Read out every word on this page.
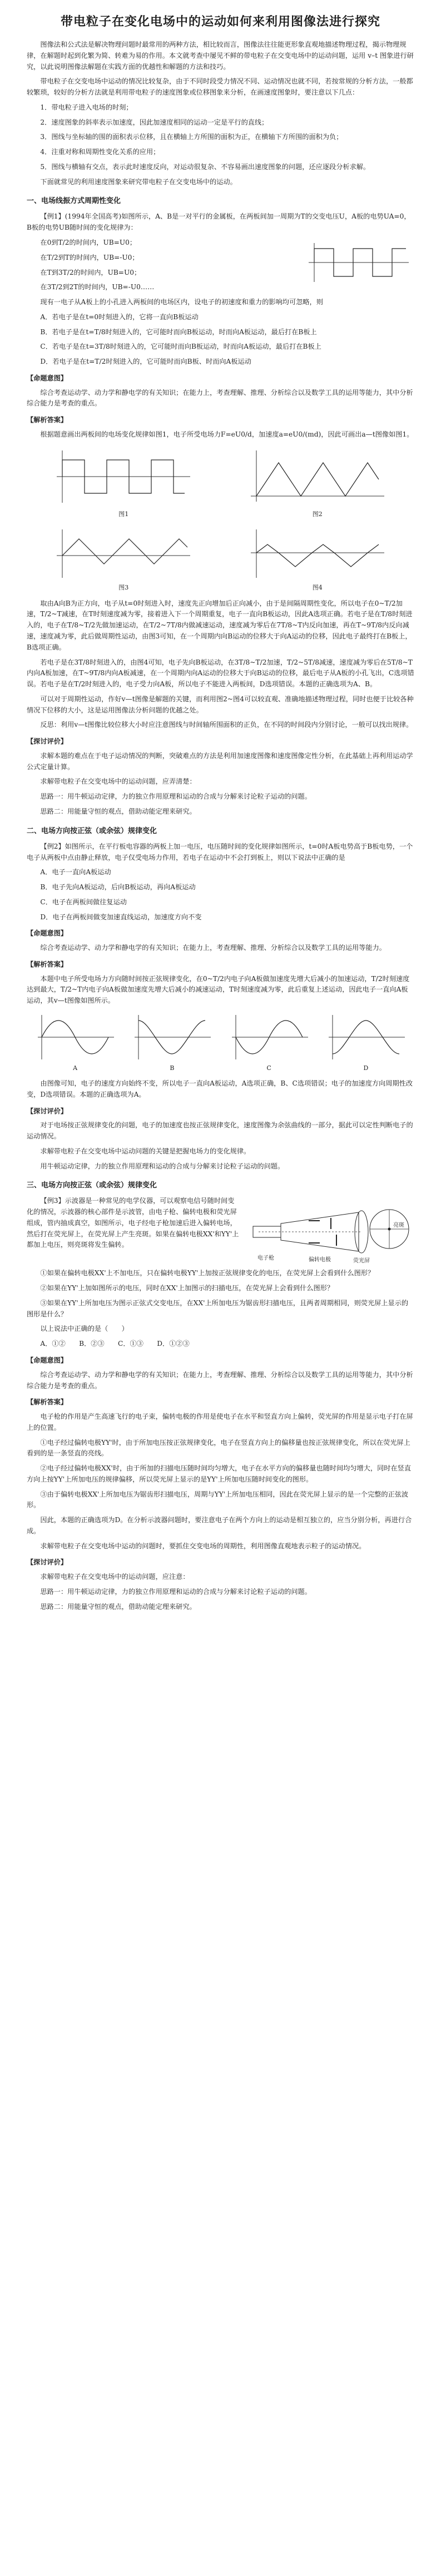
带电粒子在变化电场中的运动如何来利用图像法进行探究

图像法和公式法是解决物理问题时最常用的两种方法，相比较而言，图像法往往能更形象直观地描述物理过程，揭示物理规律，在解题时起到化繁为简、转难为易的作用。本文就考查中屡见不鲜的带电粒子在交变电场中的运动问题，运用 v–t 图象进行研究，以此说明图像法解题在实践方面的优越性和解题的方法和技巧。

带电粒子在交变电场中运动的情况比较复杂，由于不同时段受力情况不同、运动情况也就不同，若按常规的分析方法，一般都较繁琐，较好的分析方法就是利用带电粒子的速度图象或位移图象来分析，在画速度图象时，要注意以下几点：

1．带电粒子进入电场的时刻；

2．速度图象的斜率表示加速度，因此加速度相同的运动一定是平行的直线；

3．图线与坐标轴的围的面积表示位移，且在横轴上方所围的面积为正，在横轴下方所围的面积为负；

4．注重对称和周期性变化关系的应用；

5．图线与横轴有交点，表示此时速度反向，对运动很复杂、不容易画出速度图象的问题，还应逐段分析求解。

下面就常见的利用速度图象来研究带电粒子在交变电场中的运动。

一、电场线振方式周期性变化

【例1】(1994年全国高考)如图所示，A、B是一对平行的金属板，在两板间加一周期为T的交变电压U，A板的电势UA=0，B板的电势UB随时间的变化规律为：

在0到T/2的时间内，UB=U0；

在T/2到T的时间内，UB=-U0；

在T到3T/2的时间内，UB=U0；

在3T/2到2T的时间内，UB=-U0……

现有一电子从A板上的小孔进入两板间的电场区内，设电子的初速度和重力的影响均可忽略，则

A．若电子是在t=0时刻进入的，它将一直向B板运动

B．若电子是在t=T/8时刻进入的，它可能时而向B板运动，时而向A板运动，最后打在B板上

C．若电子是在t=3T/8时刻进入的，它可能时而向B板运动，时而向A板运动，最后打在B板上

D．若电子是在t=T/2时刻进入的，它可能时而向B板、时而向A板运动

【命题意图】

综合考查运动学、动力学和静电学的有关知识；在能力上，考查理解、推理、分析综合以及数学工具的运用等能力，其中分析综合能力是考查的重点。

【解析答案】

根据题意画出两板间的电场变化规律如图1，电子所受电场力F=eU0/d，加速度a=eU0/(md)，因此可画出a—t图像如图1。

图1	图2
图3	图4

取由A向B为正方向，电子从t=0时刻进入时，速度先正向增加后正向减小，由于是间隔周期性变化，所以电子在0~T/2加速，T/2~T减速，在T时刻速度减为零，接着进入下一个周期重复，电子一直向B板运动，因此A选项正确。若电子是在T/8时刻进入的，电子在T/8~T/2先做加速运动，在T/2~7T/8内做减速运动，速度减为零后在7T/8~T内反向加速，再在T~9T/8内反向减速，速度减为零，此后做周期性运动，由图3可知，在一个周期内向B运动的位移大于向A运动的位移，因此电子最终打在B板上，B选项正确。

若电子是在3T/8时刻进入的，由图4可知，电子先向B板运动，在3T/8~T/2加速，T/2~5T/8减速，速度减为零后在5T/8~T内向A板加速，在T~9T/8内向A板减速，在一个周期内向A运动的位移大于向B运动的位移，最后电子从A板的小孔飞出，C选项错误。若电子是在T/2时刻进入的，电子受力向A板，所以电子不能进入两板间，D选项错误。本题的正确选项为A、B。

可以对于周期性运动，作好v—t图像是解题的关键，而利用图2~图4可以较直观、准确地描述物理过程，同时也便于比较各种情况下位移的大小，这是运用图像法分析问题的优越之处。

反思：利用v—t图像比较位移大小时应注意图线与时间轴所围面积的正负，在不同的时间段内分别讨论，一般可以找出规律。

【探讨评价】

求解本题的难点在于电子运动情况的判断，突破难点的方法是利用加速度图像和速度图像定性分析，在此基础上再利用运动学公式定量计算。

求解带电粒子在交变电场中的运动问题，应弄清楚：

思路一：用牛顿运动定律，力的独立作用原理和运动的合成与分解来讨论粒子运动的问题。

思路二：用能量守恒的观点，借助动能定理来研究。

二、电场方向按正弦（或余弦）规律变化

【例2】如图所示，在平行板电容器的两板上加一电压，电压随时间的变化规律如图所示，t=0时A板电势高于B板电势，一个电子从两板中点由静止释放，电子仅受电场力作用，若电子在运动中不会打到板上，则以下说法中正确的是

A．电子一直向A板运动

B．电子先向A板运动，后向B板运动，再向A板运动

C．电子在两板间做往复运动

D．电子在两板间做变加速直线运动，加速度方向不变

【命题意图】

综合考查运动学、动力学和静电学的有关知识；在能力上，考查理解、推理、分析综合以及数学工具的运用等能力。

【解析答案】

本题中电子所受电场力方向随时间按正弦规律变化，在0~T/2内电子向A板做加速度先增大后减小的加速运动，T/2时刻速度达到最大，T/2~T内电子向A板做加速度先增大后减小的减速运动，T时刻速度减为零，此后重复上述运动，因此电子一直向A板运动，其v—t图像如图所示。

A	B	C	D

由图像可知，电子的速度方向始终不变，所以电子一直向A板运动，A选项正确，B、C选项错误；电子的加速度方向周期性改变，D选项错误。本题的正确选项为A。

【探讨评价】

对于电场按正弦规律变化的问题，电子的加速度也按正弦规律变化，速度图像为余弦曲线的一部分，据此可以定性判断电子的运动情况。

求解带电粒子在交变电场中运动问题的关键是把握电场力的变化规律。

用牛顿运动定律，力的独立作用原理和运动的合成与分解来讨论粒子运动的问题。

三、电场方向按正弦（或余弦）规律变化

【例3】示波器是一种常见的电学仪器，可以观察电信号随时间变化的情况，示波器的核心部件是示波管，由电子枪、偏转电极和荧光屏组成，管内抽成真空，如图所示，电子经电子枪加速后进入偏转电场，然后打在荧光屏上，在荧光屏上产生亮斑。如果在偏转电极XX'和YY'上都加上电压，则亮斑将发生偏转。

电子枪	偏转电极	荧光屏
亮斑

①如果在偏转电极XX'上不加电压，只在偏转电极YY'上加按正弦规律变化的电压，在荧光屏上会看到什么图形？

②如果在YY'上加如图所示的电压，同时在XX'上加图示的扫描电压，在荧光屏上会看到什么图形？

③如果在YY'上所加电压为图示正弦式交变电压，在XX'上所加电压为锯齿形扫描电压，且两者周期相同，则荧光屏上显示的图形是什么？

以上说法中正确的是（　　）

A．①②　　B．②③　　C．①③　　D．①②③

【命题意图】

综合考查运动学、动力学和静电学的有关知识；在能力上，考查理解、推理、分析综合以及数学工具的运用等能力，其中分析综合能力是考查的重点。

【解析答案】

电子枪的作用是产生高速飞行的电子束，偏转电极的作用是使电子在水平和竖直方向上偏转，荧光屏的作用是显示电子打在屏上的位置。

①电子经过偏转电极YY'时，由于所加电压按正弦规律变化，电子在竖直方向上的偏移量也按正弦规律变化，所以在荧光屏上看到的是一条竖直的亮线。

②电子经过偏转电极XX'时，由于所加的扫描电压随时间均匀增大，电子在水平方向的偏移量也随时间均匀增大，同时在竖直方向上按YY'上所加电压的规律偏移，所以荧光屏上显示的是YY'上所加电压随时间变化的图形。

③由于偏转电极XX'上所加电压为锯齿形扫描电压，周期与YY'上所加电压相同，因此在荧光屏上显示的是一个完整的正弦波形。

因此，本题的正确选项为D。在分析示波器问题时，要注意电子在两个方向上的运动是相互独立的，应当分别分析，再进行合成。

求解带电粒子在交变电场中运动的问题时，要抓住交变电场的周期性，利用图像直观地表示粒子的运动情况。

【探讨评价】

求解带电粒子在交变电场中的运动问题，应注意：

思路一：用牛顿运动定律，力的独立作用原理和运动的合成与分解来讨论粒子运动的问题。

思路二：用能量守恒的观点，借助动能定理来研究。
